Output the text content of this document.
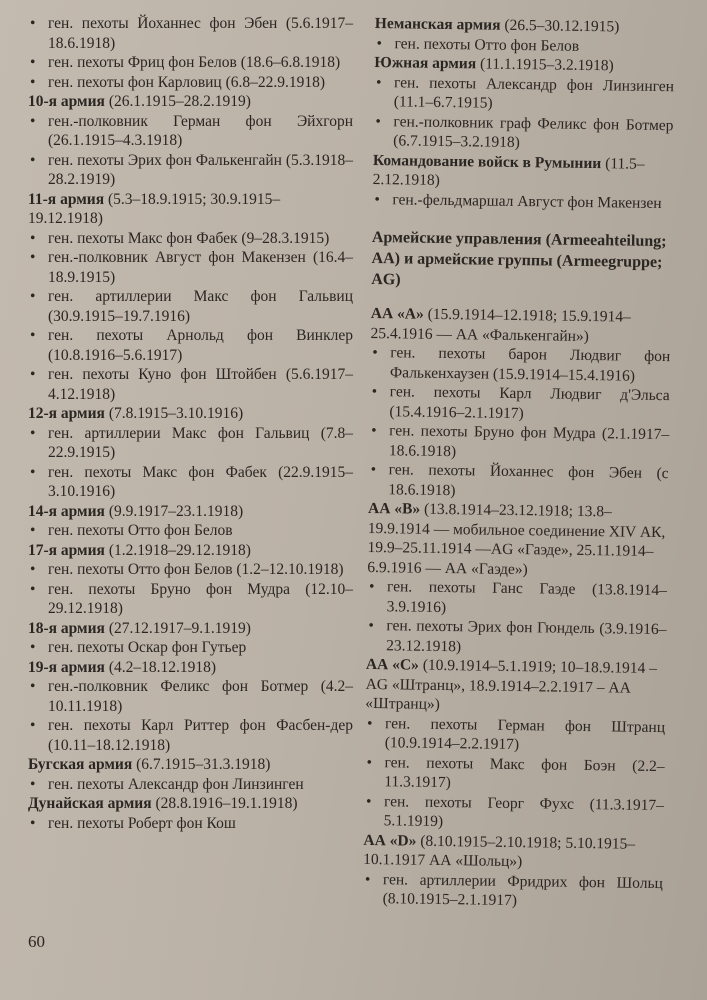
• ген. пехоты Йоханнес фон Эбен (5.6.1917–18.6.1918)

• ген. пехоты Фриц фон Белов (18.6–6.8.1918)

• ген. пехоты фон Карловиц (6.8–22.9.1918)

10-я армия (26.1.1915–28.2.1919)

• ген.-полковник Герман фон Эйхгорн (26.1.1915–4.3.1918)

• ген. пехоты Эрих фон Фалькенгайн (5.3.1918–28.2.1919)

11-я армия (5.3–18.9.1915; 30.9.1915–19.12.1918)

• ген. пехоты Макс фон Фабек (9–28.3.1915)

• ген.-полковник Август фон Макензен (16.4–18.9.1915)

• ген. артиллерии Макс фон Гальвиц (30.9.1915–19.7.1916)

• ген. пехоты Арнольд фон Винклер (10.8.1916–5.6.1917)

• ген. пехоты Куно фон Штойбен (5.6.1917–4.12.1918)

12-я армия (7.8.1915–3.10.1916)

• ген. артиллерии Макс фон Гальвиц (7.8–22.9.1915)

• ген. пехоты Макс фон Фабек (22.9.1915–3.10.1916)

14-я армия (9.9.1917–23.1.1918)

• ген. пехоты Отто фон Белов

17-я армия (1.2.1918–29.12.1918)

• ген. пехоты Отто фон Белов (1.2–12.10.1918)

• ген. пехоты Бруно фон Мудра (12.10–29.12.1918)

18-я армия (27.12.1917–9.1.1919)

• ген. пехоты Оскар фон Гутьер

19-я армия (4.2–18.12.1918)

• ген.-полковник Феликс фон Ботмер (4.2–10.11.1918)

• ген. пехоты Карл Риттер фон Фасбен-дер (10.11–18.12.1918)

Бугская армия (6.7.1915–31.3.1918)

• ген. пехоты Александр фон Линзинген

Дунайская армия (28.8.1916–19.1.1918)

• ген. пехоты Роберт фон Кош

Неманская армия (26.5–30.12.1915)

• ген. пехоты Отто фон Белов

Южная армия (11.1.1915–3.2.1918)

• ген. пехоты Александр фон Линзинген (11.1–6.7.1915)

• ген.-полковник граф Феликс фон Ботмер (6.7.1915–3.2.1918)

Командование войск в Румынии (11.5–2.12.1918)

• ген.-фельдмаршал Август фон Макензен

Армейские управления (Armeeahteilung; AA) и армейские группы (Armeegruppe; AG)

АА «А» (15.9.1914–12.1918; 15.9.1914–25.4.1916 — АА «Фалькенгайн»)

• ген. пехоты барон Людвиг фон Фалькенхаузен (15.9.1914–15.4.1916)

• ген. пехоты Карл Людвиг д'Эльса (15.4.1916–2.1.1917)

• ген. пехоты Бруно фон Мудра (2.1.1917–18.6.1918)

• ген. пехоты Йоханнес фон Эбен (с 18.6.1918)

АА «В» (13.8.1914–23.12.1918; 13.8–19.9.1914 — мобильное соединение XIV АК, 19.9–25.11.1914 —AG «Гаэде», 25.11.1914–6.9.1916 — АА «Гаэде»)

• ген. пехоты Ганс Гаэде (13.8.1914–3.9.1916)

• ген. пехоты Эрих фон Гюндель (3.9.1916–23.12.1918)

АА «С» (10.9.1914–5.1.1919; 10–18.9.1914 – AG «Штранц», 18.9.1914–2.2.1917 – АА «Штранц»)

• ген. пехоты Герман фон Штранц (10.9.1914–2.2.1917)

• ген. пехоты Макс фон Боэн (2.2–11.3.1917)

• ген. пехоты Георг Фухс (11.3.1917–5.1.1919)

АА «D» (8.10.1915–2.10.1918; 5.10.1915–10.1.1917 АА «Шольц»)

• ген. артиллерии Фридрих фон Шольц (8.10.1915–2.1.1917)

60
